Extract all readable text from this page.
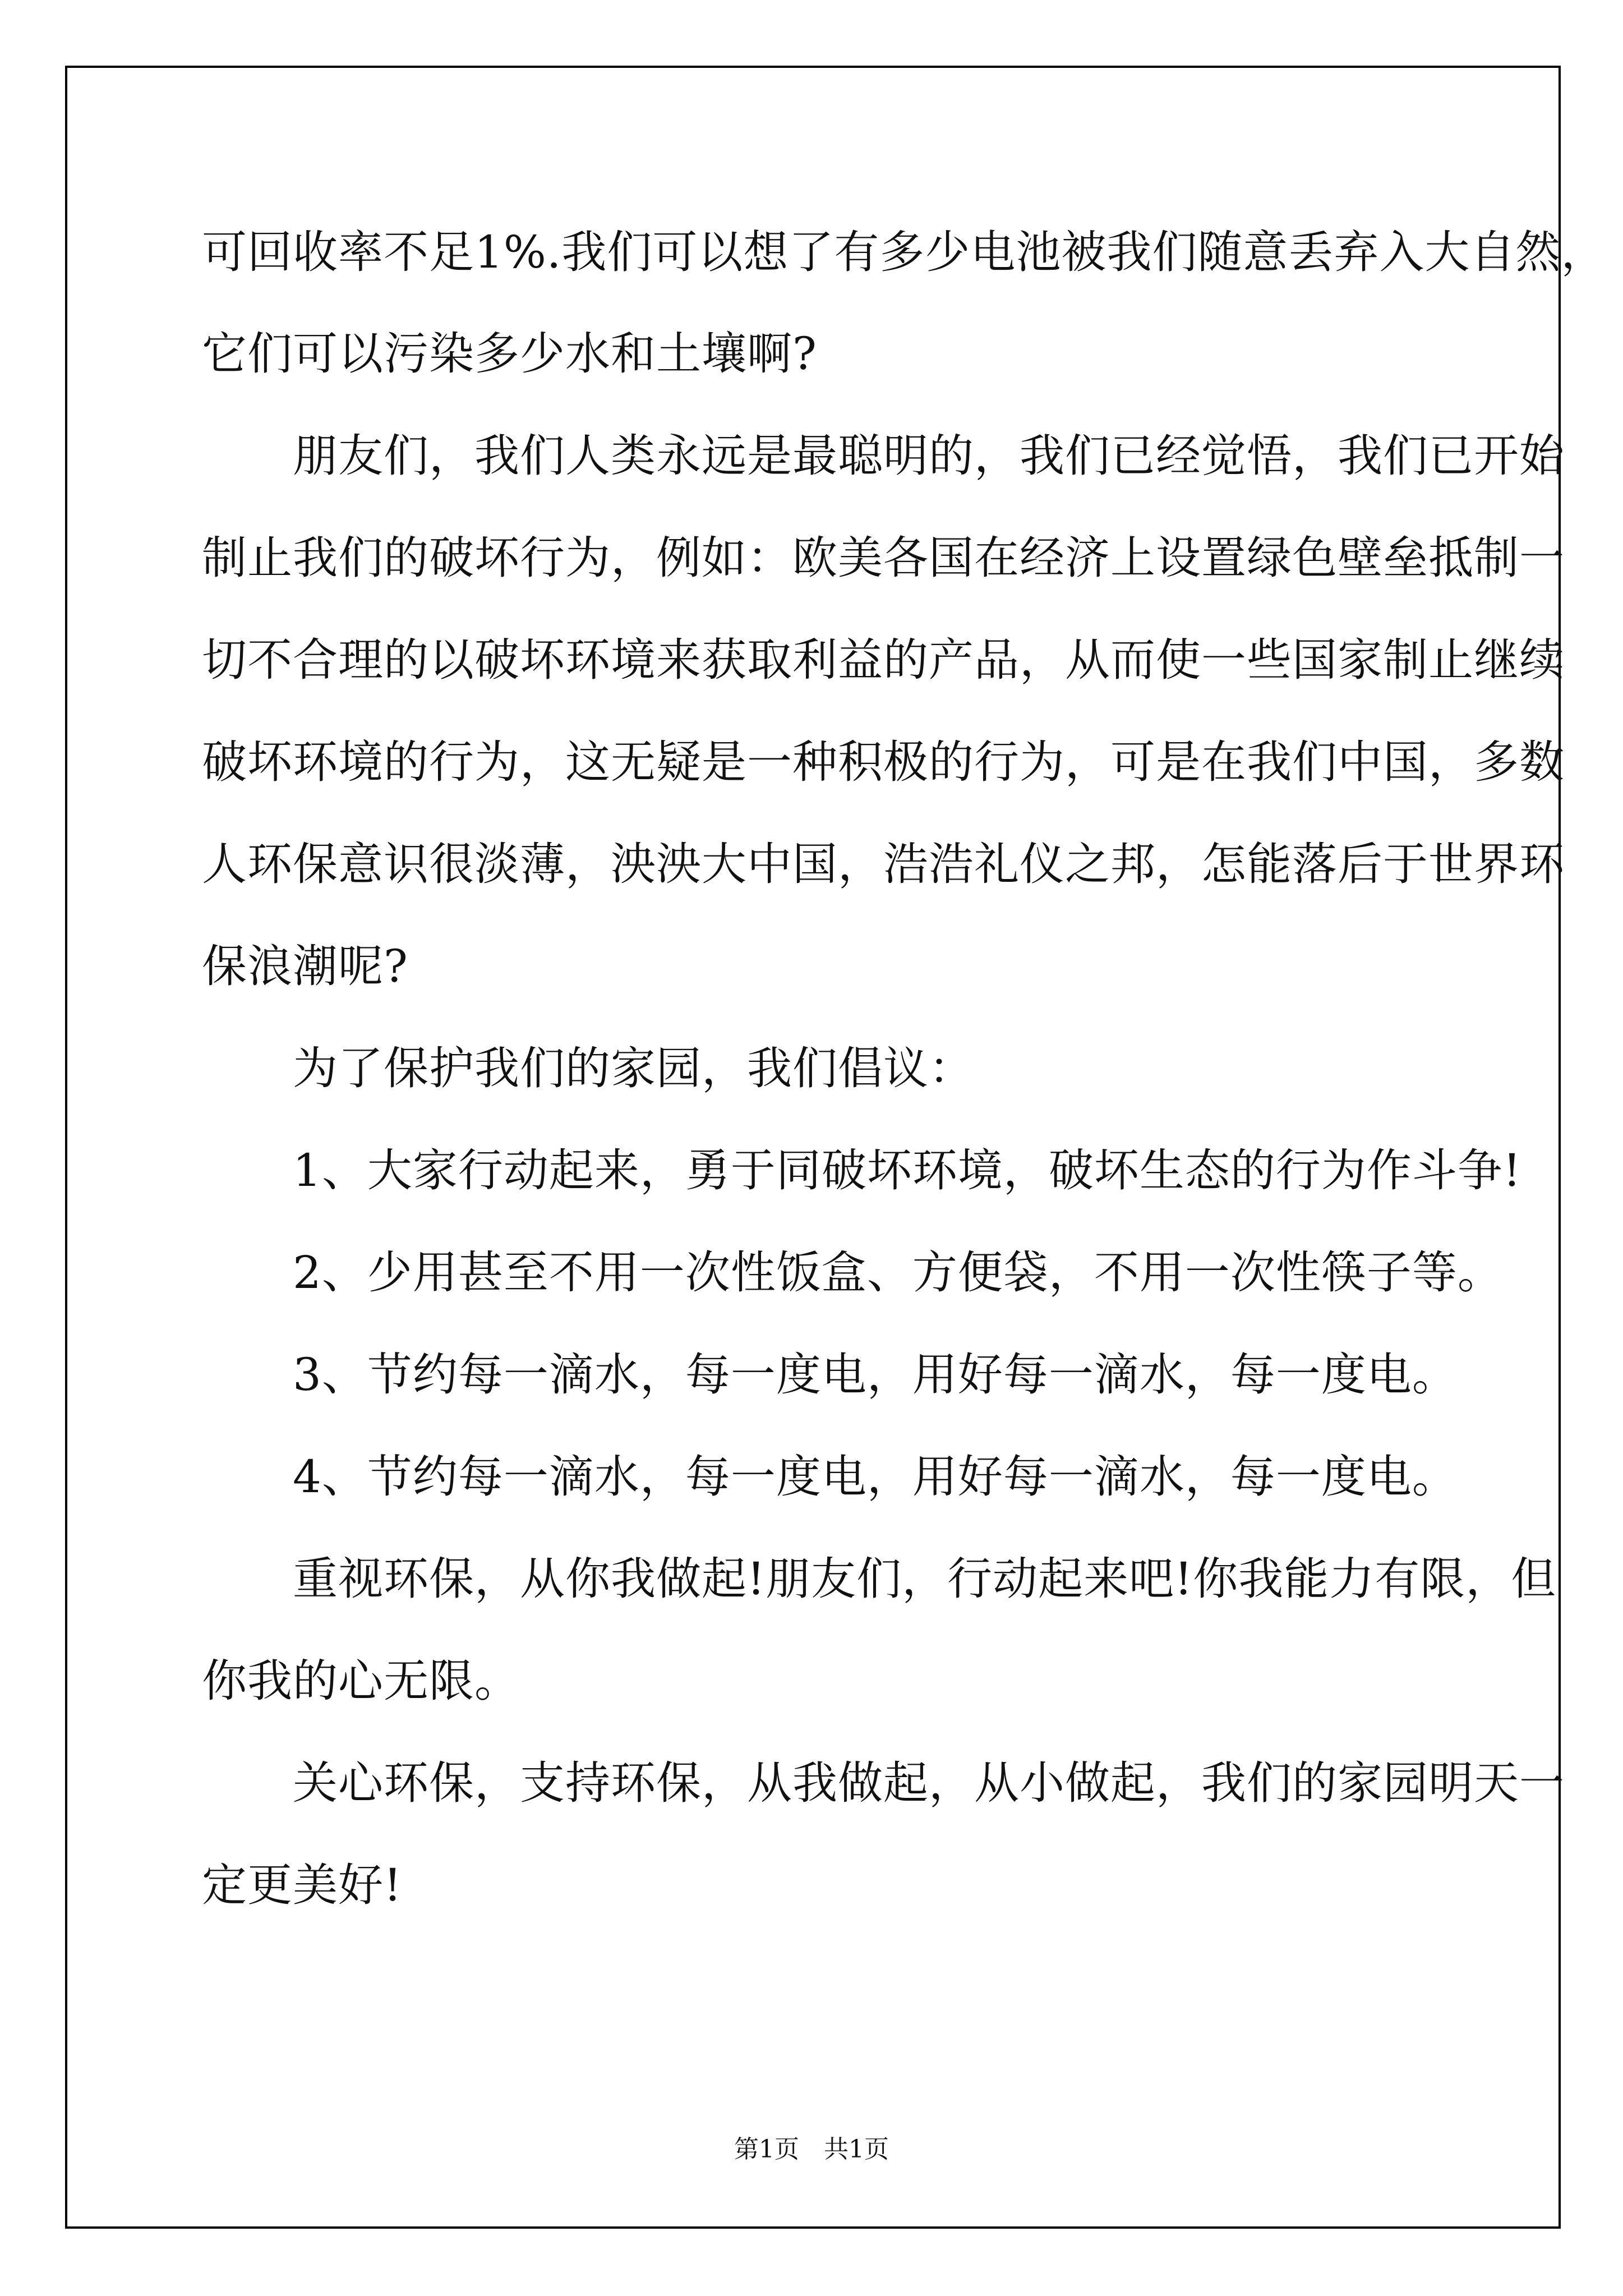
可回收率不足1%.我们可以想了有多少电池被我们随意丢弃入大自然，
它们可以污染多少水和土壤啊?
　　朋友们，我们人类永远是最聪明的，我们已经觉悟，我们已开始
制止我们的破坏行为，例如：欧美各国在经济上设置绿色壁垒抵制一
切不合理的以破坏环境来获取利益的产品，从而使一些国家制止继续
破坏环境的行为，这无疑是一种积极的行为，可是在我们中国，多数
人环保意识很淡薄，泱泱大中国，浩浩礼仪之邦，怎能落后于世界环
保浪潮呢?
　　为了保护我们的家园，我们倡议：
　　1、大家行动起来，勇于同破坏环境，破坏生态的行为作斗争!
　　2、少用甚至不用一次性饭盒、方便袋，不用一次性筷子等。
　　3、节约每一滴水，每一度电，用好每一滴水，每一度电。
　　4、节约每一滴水，每一度电，用好每一滴水，每一度电。
　　重视环保，从你我做起!朋友们，行动起来吧!你我能力有限，但
你我的心无限。
　　关心环保，支持环保，从我做起，从小做起，我们的家园明天一
定更美好!
第1页　共1页
